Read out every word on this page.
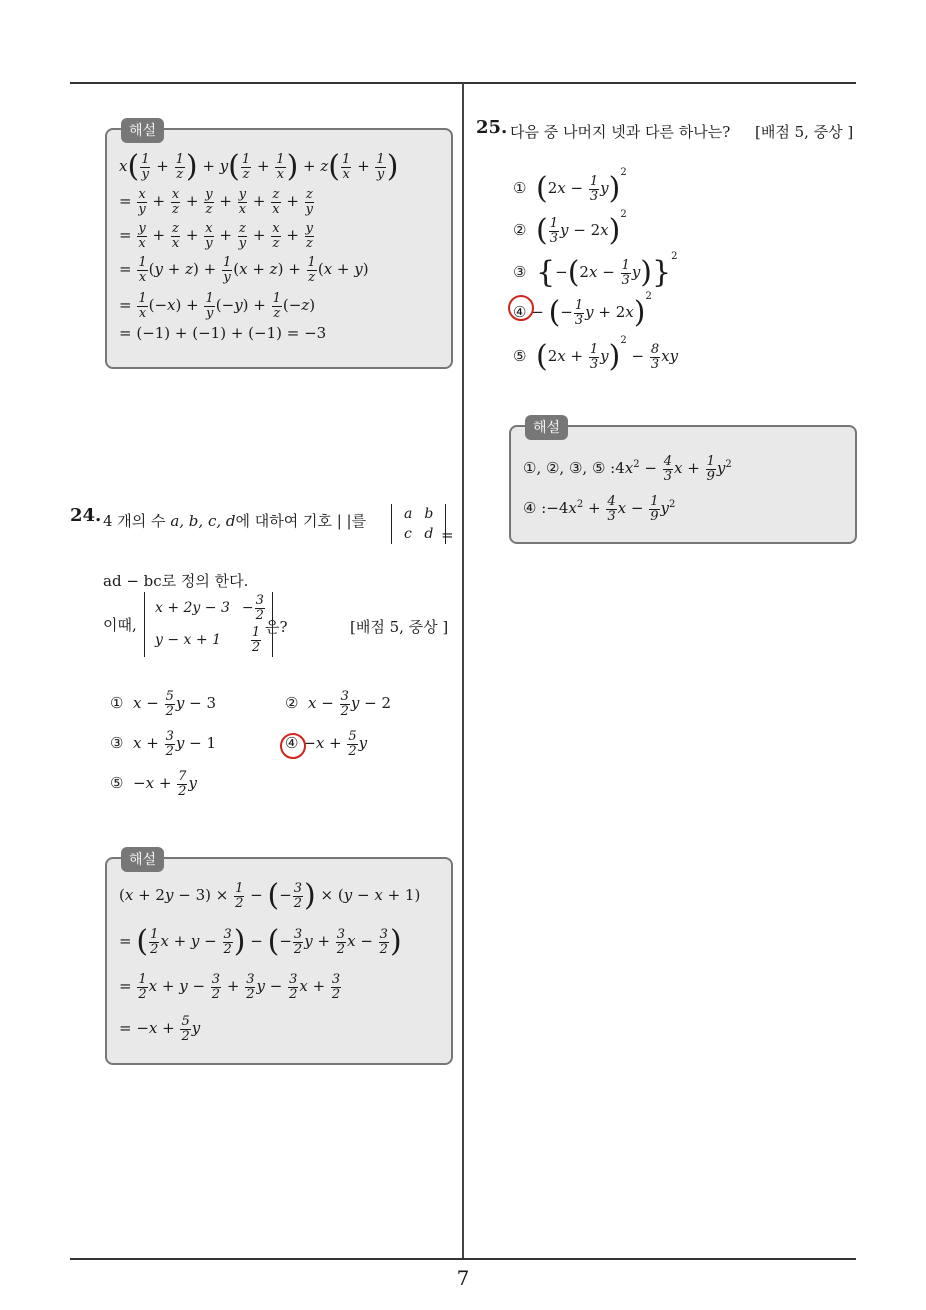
7
해설
$x( \frac{1}{y} + \frac{1}{z}$ ) + $y( \frac{1}{z} + \frac{1}{x}$ ) + $z( \frac{1}{x} + \frac{1}{y}$ )
= $\frac{x}{y} + \frac{x}{z} + \frac{y}{z} + \frac{y}{x} + \frac{z}{x} + \frac{z}{y}$
= $\frac{y}{x} + \frac{z}{x} + \frac{x}{y} + \frac{z}{y} + \frac{x}{z} + \frac{y}{z}$
= $\frac{1}{x} (y + z) + \frac{1}{y} (x + z) + \frac{1}{z} (x + y)$
= $\frac{1}{x} (-x) + \frac{1}{y} (-y) + \frac{1}{z} (-z)$
= (−1) + (−1) + (−1) = −3
24. 4 개의 수 a, b, c, d에 대하여 기호 | |를	a	b
c	d =
ad − bc로 정의 한다.
이때,
x + 2y − 3	− $\frac{3}{2}$

y − x + 1	$\frac{1}{2}$ 은?	[배점 5, 중상 ]
①  $x - \frac{5}{2}$ y − 3	②  $x - \frac{3}{2}$ y − 2
③  $x + \frac{3}{2}$ y − 1	④ $-x + \frac{5}{2}$ y
⑤ $-x + \frac{7}{2}$ y
해설
$(x + 2y - 3) \times \frac{1}{2}$ − (− $\frac{3}{2}$ ) × (y − x + 1)
= ( $\frac{1}{2}$ $x + y - \frac{3}{2}$ ) − (− $\frac{3}{2}$ $y + \frac{3}{2}$ $x - \frac{3}{2}$ )
= $\frac{1}{2}$ $x + y - \frac{3}{2} + \frac{3}{2}$ $y - \frac{3}{2}$ $x + \frac{3}{2}$
= $-x + \frac{5}{2}$ y
25. 다음 중 나머지 넷과 다른 하나는? [배점 5, 중상 ]
① $(2x - \frac{1}{3} y)^2$
② ( $\frac{1}{3}$ y − 2x)$^2$
③ $\{-(2x - \frac{1}{3} y)\}^2$
④ − (− $\frac{1}{3}$ y + 2x)$^2$
⑤ $(2x + \frac{1}{3} y)^2 - \frac{8}{3}$ xy
해설
①, ②, ③, ⑤ $:4x^2 - \frac{4}{3}$ $x + \frac{1}{9} y^2$
④ $:-4x^2 + \frac{4}{3}$ $x - \frac{1}{9} y^2$
